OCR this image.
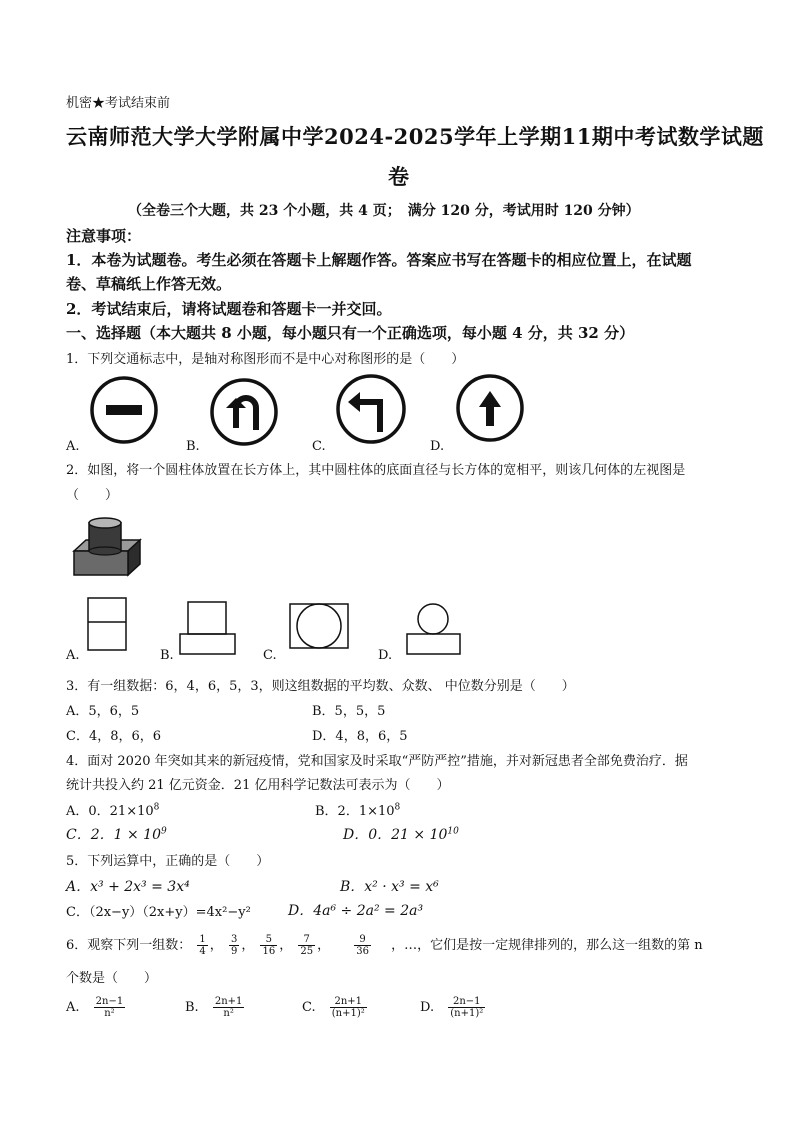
机密★考试结束前
云南师范大学大学附属中学2024-2025学年上学期11期中考试数学试题
卷
（全卷三个大题，共 23 个小题，共 4 页；　满分 120 分，考试用时 120 分钟）
注意事项：
1．本卷为试题卷。考生必须在答题卡上解题作答。答案应书写在答题卡的相应位置上，在试题
卷、草稿纸上作答无效。
2．考试结束后，请将试题卷和答题卡一并交回。
一、选择题（本大题共 8 小题，每小题只有一个正确选项，每小题 4 分，共 32 分）
1．下列交通标志中，是轴对称图形而不是中心对称图形的是（　　）
A.	B.	C.	D.
2．如图，将一个圆柱体放置在长方体上，其中圆柱体的底面直径与长方体的宽相平，则该几何体的左视图是
（　　）
A.	B.	C.	D.
3．有一组数据：6，4，6，5，3，则这组数据的平均数、众数、 中位数分别是（　　）
A．5，6，5	B．5，5，5
C．4，8，6，6	D．4，8，6，5
4．面对 2020 年突如其来的新冠疫情，党和国家及时采取“严防严控”措施，并对新冠患者全部免费治疗．据
统计共投入约 21 亿元资金．21 亿用科学记数法可表示为（　　）
A．0．$21\times 10^8$	B．2．$1\times 10^8$
C．2．$1 \times 10^9$	D．0．$21 \times 10^{10}$
5．下列运算中，正确的是（　　）
A．x³ + 2x³ = 3x⁴	B．x² · x³ = x⁶
C．（2x−y）（2x+y）=4x²−y²	D．4a⁶ ÷ 2a² = 2a³
6．观察下列一组数： $\frac{1}{4}$ ， $\frac{3}{9}$ ， $\frac{5}{16}$ ， $\frac{7}{25}$ ， $\frac{9}{36}$ ，…，它们是按一定规律排列的，那么这一组数的第 n
个数是（　　）
A. $\frac{2n-1}{\text{n²}}$	B. $\frac{2n+1}{\text{n²}}$	C. $\frac{2n+1}{\text{(n+1)²}}$	D. $\frac{2n-1}{\text{(n+1)²}}$
